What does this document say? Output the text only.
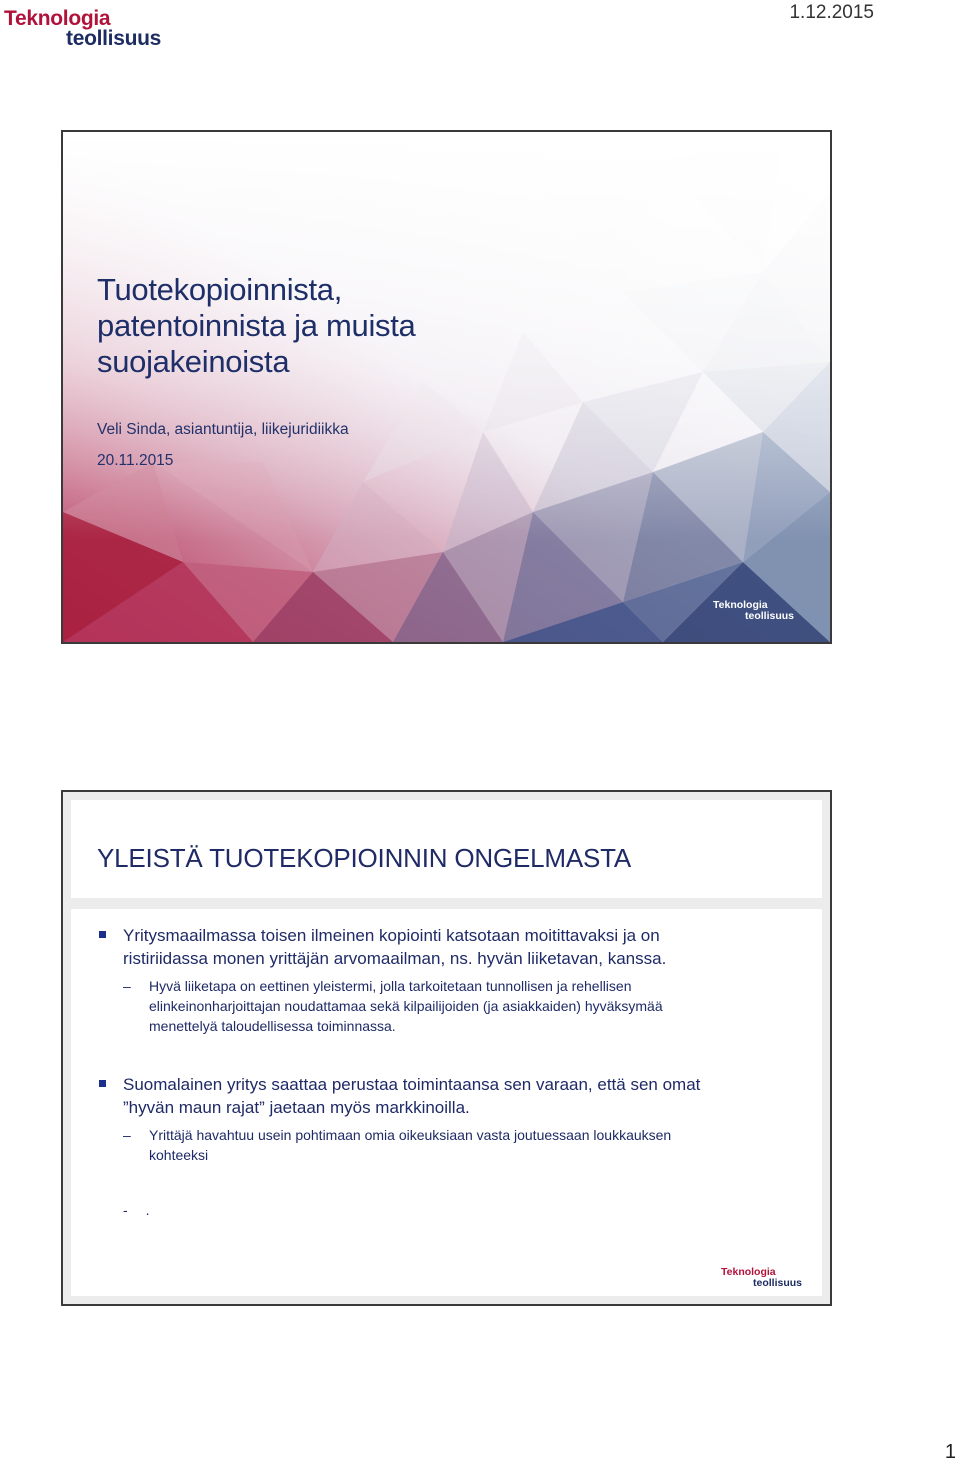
Teknologia
teollisuus
1.12.2015
Tuotekopioinnista,
patentoinnista ja muista
suojakeinoista
Veli Sinda, asiantuntija, liikejuridiikka
20.11.2015
Teknologia
teollisuus
YLEISTÄ TUOTEKOPIOINNIN ONGELMASTA
Yritysmaailmassa toisen ilmeinen kopiointi katsotaan moitittavaksi ja on
ristiriidassa monen yrittäjän arvomaailman, ns. hyvän liiketavan, kanssa.
– Hyvä liiketapa on eettinen yleistermi, jolla tarkoitetaan tunnollisen ja rehellisen
elinkeinonharjoittajan noudattamaa sekä kilpailijoiden (ja asiakkaiden) hyväksymää
menettelyä taloudellisessa toiminnassa.
Suomalainen yritys saattaa perustaa toimintaansa sen varaan, että sen omat
”hyvän maun rajat” jaetaan myös markkinoilla.
– Yrittäjä havahtuu usein pohtimaan omia oikeuksiaan vasta joutuessaan loukkauksen
kohteeksi
- .
Teknologia
teollisuus
1
